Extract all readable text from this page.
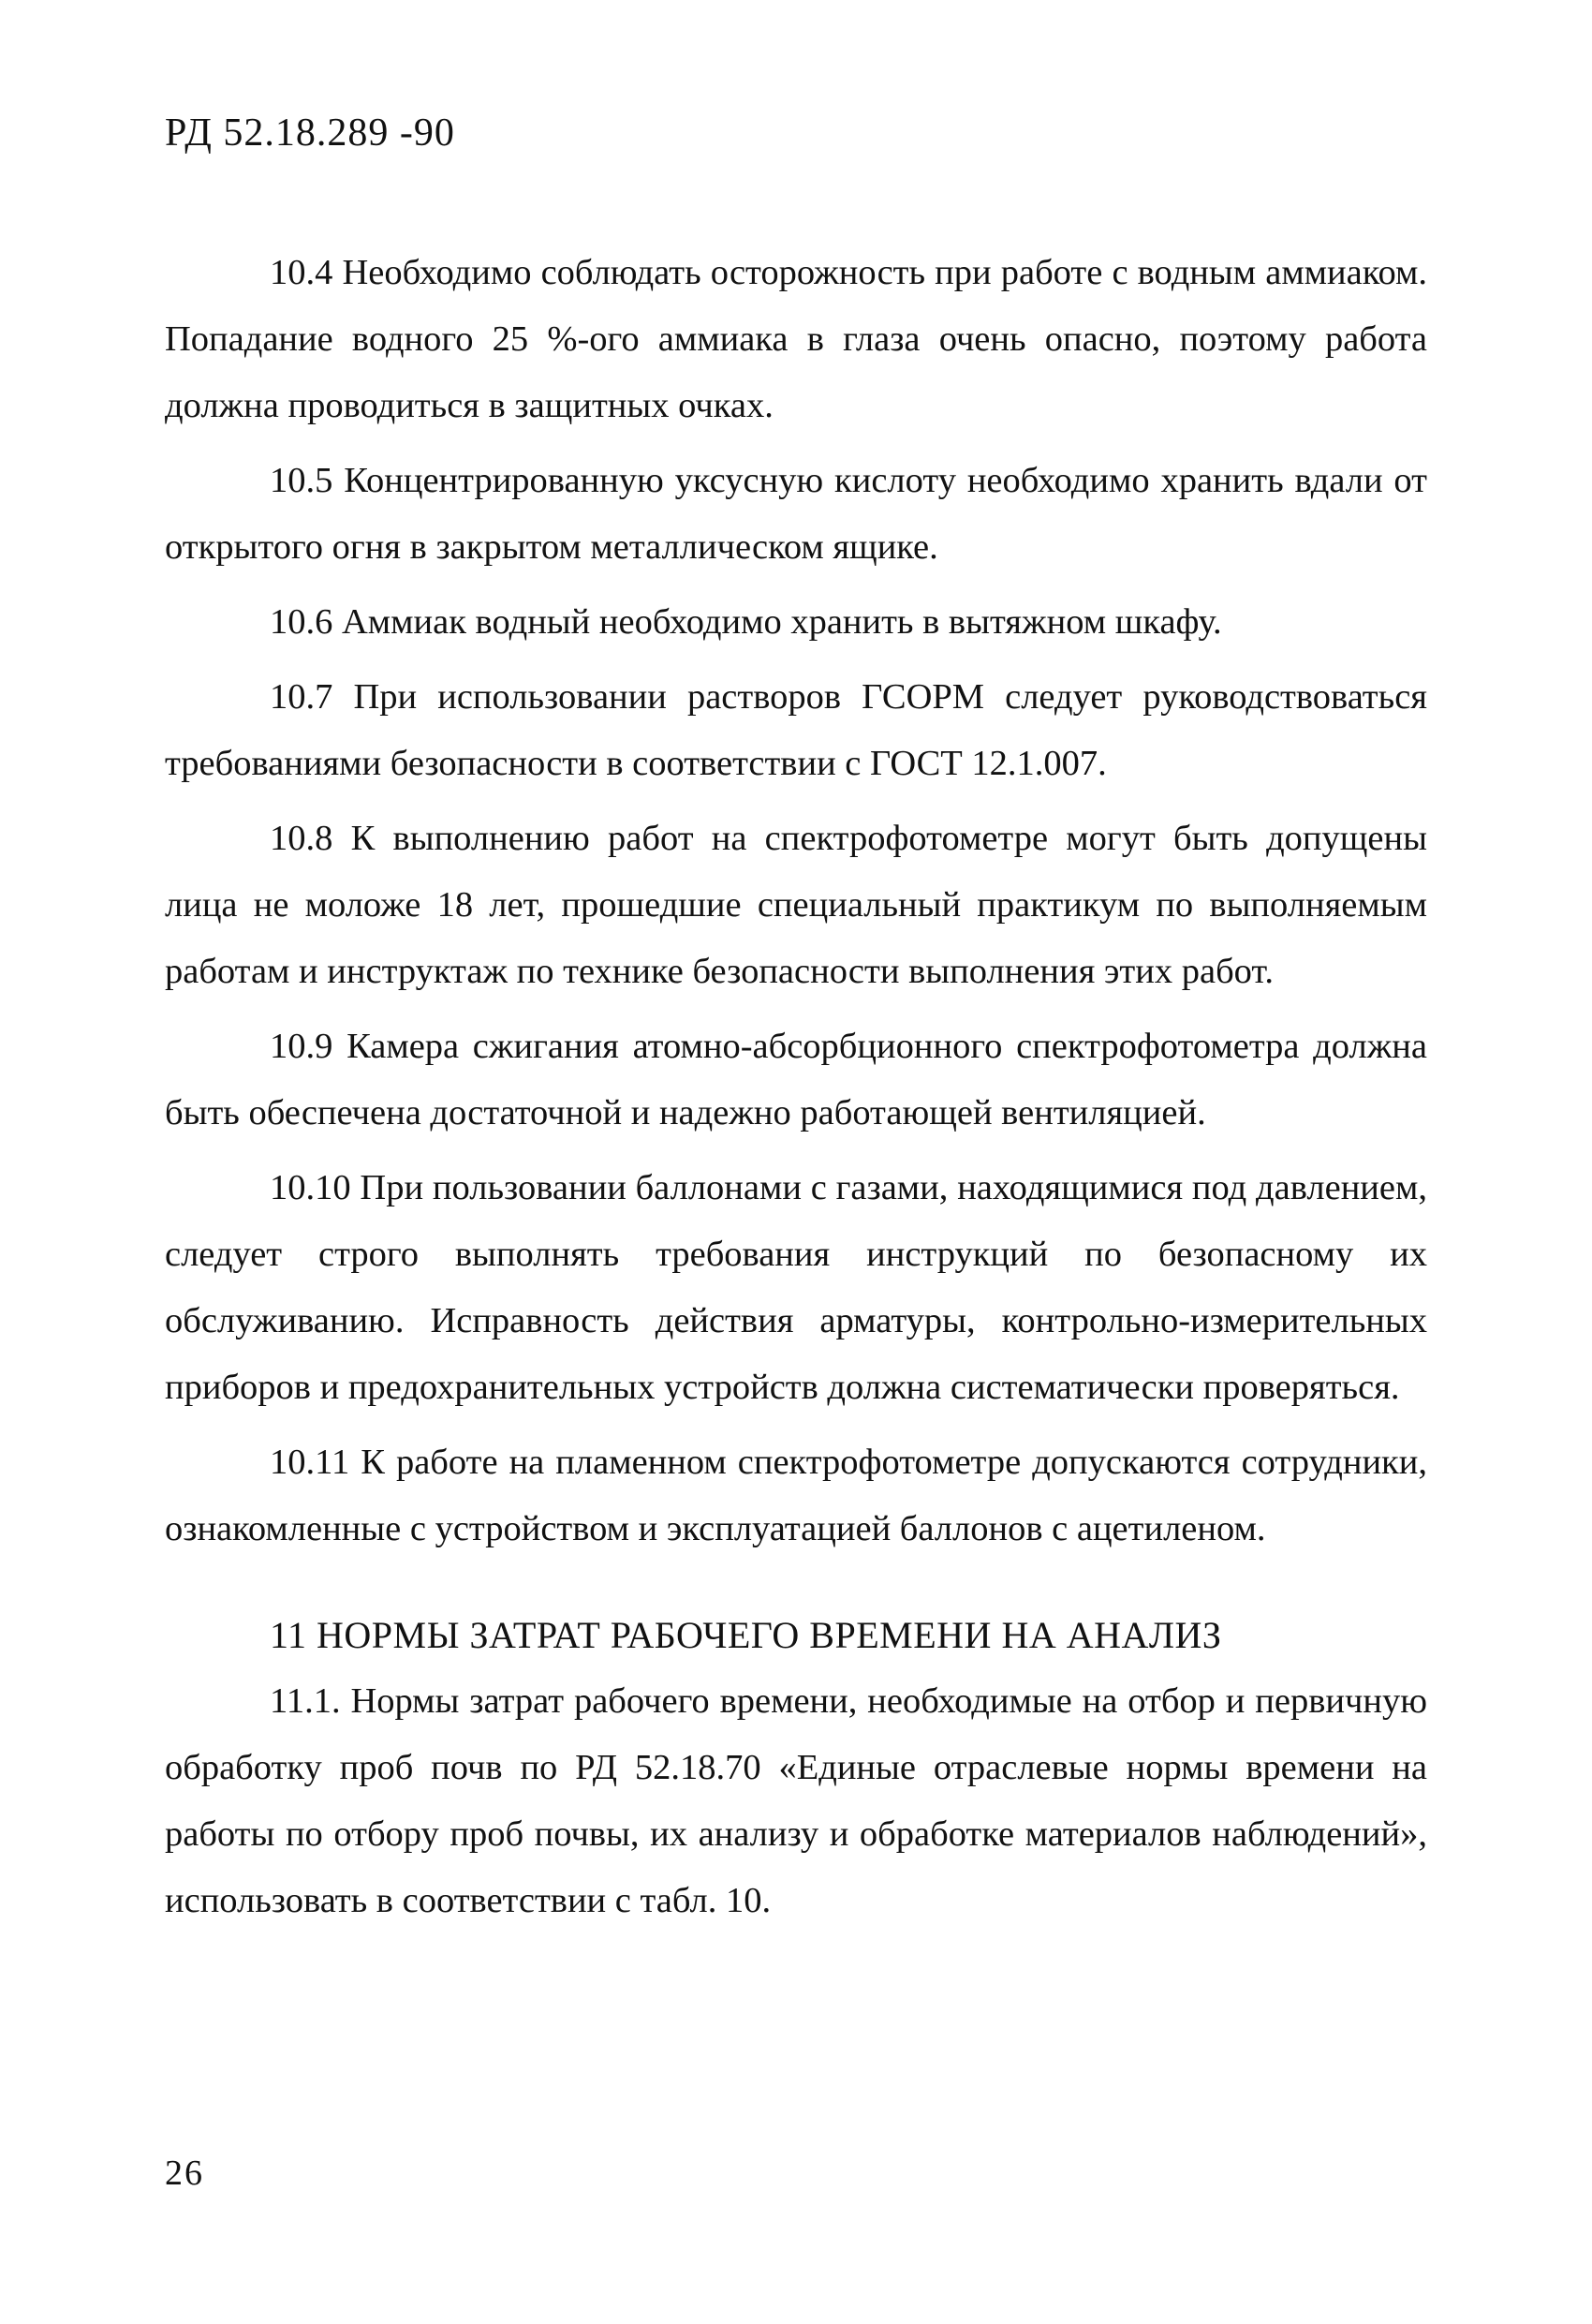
РД 52.18.289 -90

10.4 Необходимо соблюдать осторожность при работе с водным аммиаком. Попадание водного 25 %-ого аммиака в глаза очень опасно, поэтому работа должна проводиться в защитных очках.

10.5 Концентрированную уксусную кислоту необходимо хранить вдали от открытого огня в закрытом металлическом ящике.

10.6 Аммиак водный необходимо хранить в вытяжном шкафу.

10.7 При использовании растворов ГСОРМ следует руководствоваться требованиями безопасности в соответствии с ГОСТ 12.1.007.

10.8 К выполнению работ на спектрофотометре могут быть допущены лица не моложе 18 лет, прошедшие специальный практикум по выполняемым работам и инструктаж по технике безопасности выполнения этих работ.

10.9 Камера сжигания атомно-абсорбционного спектрофотометра должна быть обеспечена достаточной и надежно работающей вентиляцией.

10.10 При пользовании баллонами с газами, находящимися под давлением, следует строго выполнять требования инструкций по безопасному их обслуживанию. Исправность действия арматуры, контрольно-измерительных приборов и предохранительных устройств должна систематически проверяться.

10.11 К работе на пламенном спектрофотометре допускаются сотрудники, ознакомленные с устройством и эксплуатацией баллонов с ацетиленом.

11 НОРМЫ ЗАТРАТ РАБОЧЕГО ВРЕМЕНИ НА АНАЛИЗ

11.1. Нормы затрат рабочего времени, необходимые на отбор и первичную обработку проб почв по РД 52.18.70 «Единые отраслевые нормы времени на работы по отбору проб почвы, их анализу и обработке материалов наблюдений», использовать в соответствии с табл. 10.

26
